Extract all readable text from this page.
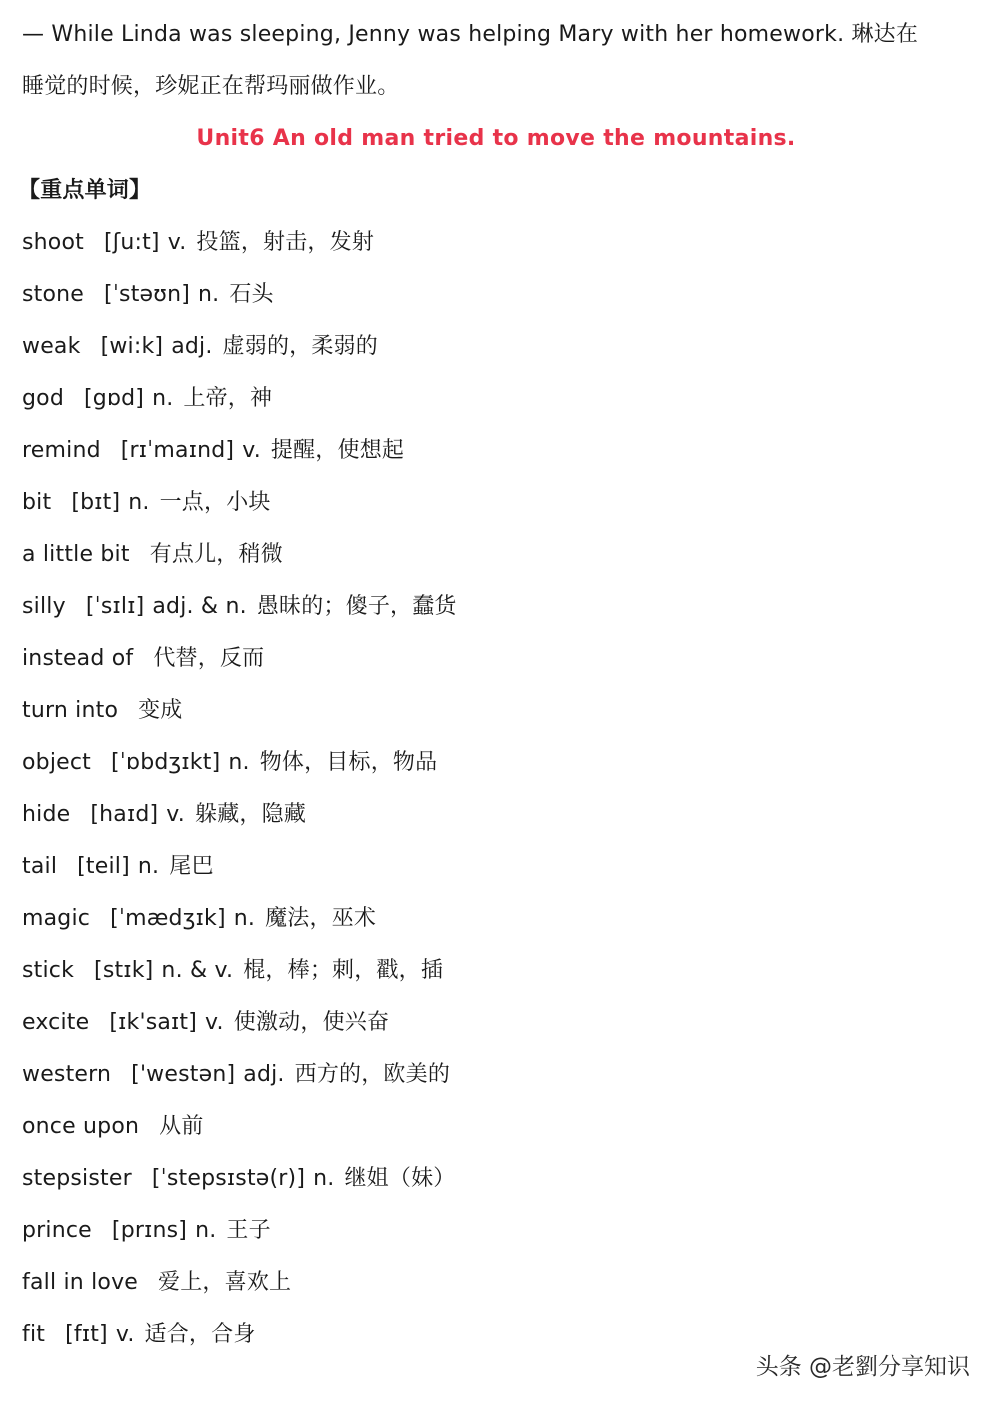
— While Linda was sleeping, Jenny was helping Mary with her homework. 琳达在
睡觉的时候，珍妮正在帮玛丽做作业。
Unit6 An old man tried to move the mountains.
【重点单词】
shoot [ʃu:t] v. 投篮，射击，发射
stone [ˈstəʊn] n. 石头
weak [wi:k] adj. 虚弱的，柔弱的
god [gɒd] n. 上帝，神
remind [rɪˈmaɪnd] v. 提醒，使想起
bit [bɪt] n. 一点，小块
a little bit 有点儿，稍微
silly [ˈsɪlɪ] adj. & n. 愚昧的；傻子，蠢货
instead of 代替，反而
turn into 变成
object [ˈɒbdʒɪkt] n. 物体，目标，物品
hide [haɪd] v. 躲藏，隐藏
tail [teil] n. 尾巴
magic [ˈmædʒɪk] n. 魔法，巫术
stick [stɪk] n. & v. 棍，棒；刺，戳，插
excite [ɪk'saɪt] v. 使激动，使兴奋
western ['westən] adj. 西方的，欧美的
once upon 从前
stepsister [ˈstepsɪstə(r)] n. 继姐（妹）
prince [prɪns] n. 王子
fall in love 爱上，喜欢上
fit [fɪt] v. 适合，合身
头条 @老劉分享知识
